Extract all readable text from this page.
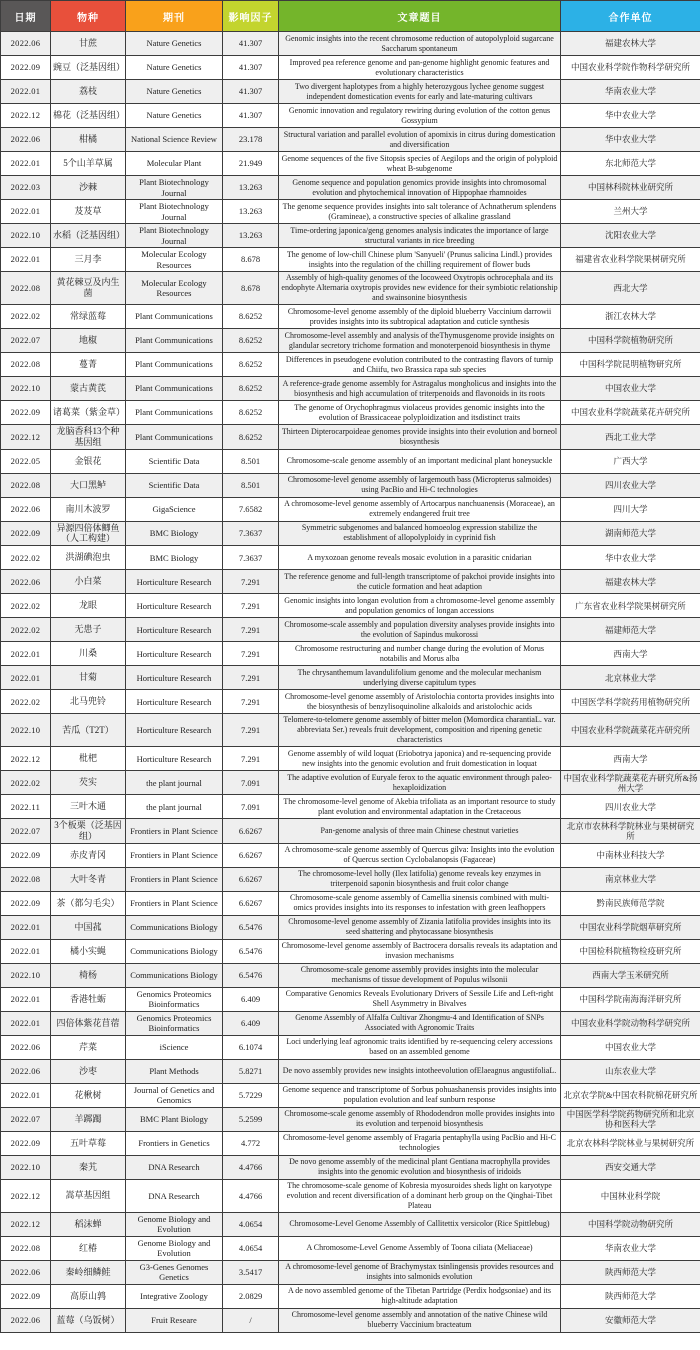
日期	物种	期刊	影响因子	文章题目	合作单位
2022.06	甘蔗	Nature Genetics	41.307	Genomic insights into the recent chromosome reduction of autopolyploid sugarcane Saccharum spontaneum	福建农林大学
2022.09	豌豆（泛基因组）	Nature Genetics	41.307	Improved pea reference genome and pan-genome highlight genomic features and evolutionary characteristics	中国农业科学院作物科学研究所
2022.01	荔枝	Nature Genetics	41.307	Two divergent haplotypes from a highly heterozygous lychee genome suggest independent domestication events for early and late-maturing cultivars	华南农业大学
2022.12	棉花（泛基因组）	Nature Genetics	41.307	Genomic innovation and regulatory rewiring during evolution of the cotton genus Gossypium	华中农业大学
2022.06	柑橘	National Science Review	23.178	Structural variation and parallel evolution of apomixis in citrus during domestication and diversification	华中农业大学
2022.01	5个山羊草属	Molecular Plant	21.949	Genome sequences of the five Sitopsis species of Aegilops and the origin of polyploid wheat B-subgenome	东北师范大学
2022.03	沙棘	Plant Biotechnology Journal	13.263	Genome sequence and population genomics provide insights into chromosomal evolution and phytochemical innovation of Hippophae rhamnoides	中国林科院林业研究所
2022.01	芨芨草	Plant Biotechnology Journal	13.263	The genome sequence provides insights into salt tolerance of Achnatherum splendens (Gramineae), a constructive species of alkaline grassland	兰州大学
2022.10	水稻（泛基因组）	Plant Biotechnology Journal	13.263	Time-ordering japonica/geng genomes analysis indicates the importance of large structural variants in rice breeding	沈阳农业大学
2022.01	三月李	Molecular Ecology Resources	8.678	The genome of low-chill Chinese plum 'Sanyueli' (Prunus salicina Lindl.) provides insights into the regulation of the chilling requirement of flower buds	福建省农业科学院果树研究所
2022.08	黄花棘豆及内生菌	Molecular Ecology Resources	8.678	Assembly of high-quality genomes of the locoweed Oxytropis ochrocephala and its endophyte Alternaria oxytropis provides new evidence for their symbiotic relationship and swainsonine biosynthesis	西北大学
2022.02	常绿蓝莓	Plant Communications	8.6252	Chromosome-level genome assembly of the diploid blueberry Vaccinium darrowii provides insights into its subtropical adaptation and cuticle synthesis	浙江农林大学
2022.07	地椒	Plant Communications	8.6252	Chromosome-level assembly and analysis of theThymusgenome provide insights on glandular secretory trichome formation and monoterpenoid biosynthesis in thyme	中国科学院植物研究所
2022.08	蔓菁	Plant Communications	8.6252	Differences in pseudogene evolution contributed to the contrasting flavors of turnip and Chiifu, two Brassica rapa sub species	中国科学院昆明植物研究所
2022.10	蒙古黄芪	Plant Communications	8.6252	A reference-grade genome assembly for Astragalus mongholicus and insights into the biosynthesis and high accumulation of triterpenoids and flavonoids in its roots	中国农业大学
2022.09	诸葛菜（紫金草）	Plant Communications	8.6252	The genome of Orychophragmus violaceus provides genomic insights into the evolution of Brassicaceae polyploidization and itsdistinct traits	中国农业科学院蔬菜花卉研究所
2022.12	龙脑香科13个种基因组	Plant Communications	8.6252	Thirteen Dipterocarpoideae genomes provide insights into their evolution and borneol biosynthesis	西北工业大学
2022.05	金银花	Scientific Data	8.501	Chromosome-scale genome assembly of an important medicinal plant honeysuckle	广西大学
2022.08	大口黑鲈	Scientific Data	8.501	Chromosome-level genome assembly of largemouth bass (Micropterus salmoides) using PacBio and Hi-C technologies	四川农业大学
2022.06	南川木波罗	GigaScience	7.6582	A chromosome-level genome assembly of Artocarpus nanchuanensis (Moraceae), an extremely endangered fruit tree	四川大学
2022.09	异源四倍体鲫鱼（人工构建）	BMC Biology	7.3637	Symmetric subgenomes and balanced homoeolog expression stabilize the establishment of allopolyploidy in cyprinid fish	湖南师范大学
2022.02	洪湖碘泡虫	BMC Biology	7.3637	A myxozoan genome reveals mosaic evolution in a parasitic cnidarian	华中农业大学
2022.06	小白菜	Horticulture Research	7.291	The reference genome and full-length transcriptome of pakchoi provide insights into the cuticle formation and heat adaption	福建农林大学
2022.02	龙眼	Horticulture Research	7.291	Genomic insights into longan evolution from a chromosome-level genome assembly and population genomics of longan accessions	广东省农业科学院果树研究所
2022.02	无患子	Horticulture Research	7.291	Chromosome-scale assembly and population diversity analyses provide insights into the evolution of Sapindus mukorossi	福建师范大学
2022.01	川桑	Horticulture Research	7.291	Chromosome restructuring and number change during the evolution of Morus notabilis and Morus alba	西南大学
2022.01	甘菊	Horticulture Research	7.291	The chrysanthemum lavandulifolium genome and the molecular mechanism underlying diverse capitulum types	北京林业大学
2022.02	北马兜铃	Horticulture Research	7.291	Chromosome-level genome assembly of Aristolochia contorta provides insights into the biosynthesis of benzylisoquinoline alkaloids and aristolochic acids	中国医学科学院药用植物研究所
2022.10	苦瓜（T2T）	Horticulture Research	7.291	Telomere-to-telomere genome assembly of bitter melon (Momordica charantiaL. var. abbreviata Ser.) reveals fruit development, composition and ripening genetic characteristics	中国农业科学院蔬菜花卉研究所
2022.12	枇杷	Horticulture Research	7.291	Genome assembly of wild loquat (Eriobotrya japonica) and re-sequencing provide new insights into the genomic evolution and fruit domestication in loquat	西南大学
2022.02	芡实	the plant journal	7.091	The adaptive evolution of Euryale ferox to the aquatic environment through paleo-hexaploidization	中国农业科学院蔬菜花卉研究所&扬州大学
2022.11	三叶木通	the plant journal	7.091	The chromosome-level genome of Akebia trifoliata as an important resource to study plant evolution and environmental adaptation in the Cretaceous	四川农业大学
2022.07	3个板栗（泛基因组）	Frontiers in Plant Science	6.6267	Pan-genome analysis of three main Chinese chestnut varieties	北京市农林科学院林业与果树研究所
2022.09	赤皮青冈	Frontiers in Plant Science	6.6267	A chromosome-scale genome assembly of Quercus gilva: Insights into the evolution of Quercus section Cyclobalanopsis (Fagaceae)	中南林业科技大学
2022.08	大叶冬青	Frontiers in Plant Science	6.6267	The chromosome-level holly (Ilex latifolia) genome reveals key enzymes in triterpenoid saponin biosynthesis and fruit color change	南京林业大学
2022.09	茶（都匀毛尖）	Frontiers in Plant Science	6.6267	Chromosome-scale genome assembly of Camellia sinensis combined with multi-omics provides insights into its responses to infestation with green leafhoppers	黔南民族师范学院
2022.01	中国菰	Communications Biology	6.5476	Chromosome-level genome assembly of Zizania latifolia provides insights into its seed shattering and phytocassane biosynthesis	中国农业科学院烟草研究所
2022.01	橘小实蝇	Communications Biology	6.5476	Chromosome-level genome assembly of Bactrocera dorsalis reveals its adaptation and invasion mechanisms	中国检科院植物检疫研究所
2022.10	椅杨	Communications Biology	6.5476	Chromosome-scale genome assembly provides insights into the molecular mechanisms of tissue development of Populus wilsonii	西南大学玉米研究所
2022.01	香港牡蛎	Genomics Proteomics Bioinformatics	6.409	Comparative Genomics Reveals Evolutionary Drivers of Sessile Life and Left-right Shell Asymmetry in Bivalves	中国科学院南海海洋研究所
2022.01	四倍体紫花苜蓿	Genomics Proteomics Bioinformatics	6.409	Genome Assembly of Alfalfa Cultivar Zhongmu-4 and Identification of SNPs Associated with Agronomic Traits	中国农业科学院动物科学研究所
2022.06	芹菜	iScience	6.1074	Loci underlying leaf agronomic traits identified by re-sequencing celery accessions based on an assembled genome	中国农业大学
2022.06	沙枣	Plant Methods	5.8271	De novo assembly provides new insights intotheevolution ofElaeagnus angustifoliaL.	山东农业大学
2022.01	花楸树	Journal of Genetics and Genomics	5.7229	Genome sequence and transcriptome of Sorbus pohuashanensis provides insights into population evolution and leaf sunburn response	北京农学院&中国农科院棉花研究所
2022.07	羊踯躅	BMC Plant Biology	5.2599	Chromosome-scale genome assembly of Rhododendron molle provides insights into its evolution and terpenoid biosynthesis	中国医学科学院药物研究所和北京协和医科大学
2022.09	五叶草莓	Frontiers in Genetics	4.772	Chromosome-level genome assembly of Fragaria pentaphylla using PacBio and Hi-C technologies	北京农林科学院林业与果树研究所
2022.10	秦艽	DNA Research	4.4766	De novo genome assembly of the medicinal plant Gentiana macrophylla provides insights into the genomic evolution and biosynthesis of iridoids	西安交通大学
2022.12	嵩草基因组	DNA Research	4.4766	The chromosome-scale genome of Kobresia myosuroides sheds light on karyotype evolution and recent diversification of a dominant herb group on the Qinghai-Tibet Plateau	中国林业科学院
2022.12	稻沫蝉	Genome Biology and Evolution	4.0654	Chromosome-Level Genome Assembly of Callitettix versicolor (Rice Spittlebug)	中国科学院动物研究所
2022.08	红椿	Genome Biology and Evolution	4.0654	A Chromosome-Level Genome Assembly of Toona ciliata (Meliaceae)	华南农业大学
2022.06	秦岭细鳞鲑	G3-Genes Genomes Genetics	3.5417	A chromosome-level genome of Brachymystax tsinlingensis provides resources and insights into salmonids evolution	陕西师范大学
2022.09	高原山鹑	Integrative Zoology	2.0829	A de novo assembled genome of the Tibetan Partridge (Perdix hodgsoniae) and its high-altitude adaptation	陕西师范大学
2022.06	蓝莓（乌饭树）	Fruit Researe	/	Chromosome-level genome assembly and annotation of the native Chinese wild blueberry Vaccinium bracteatum	安徽师范大学
